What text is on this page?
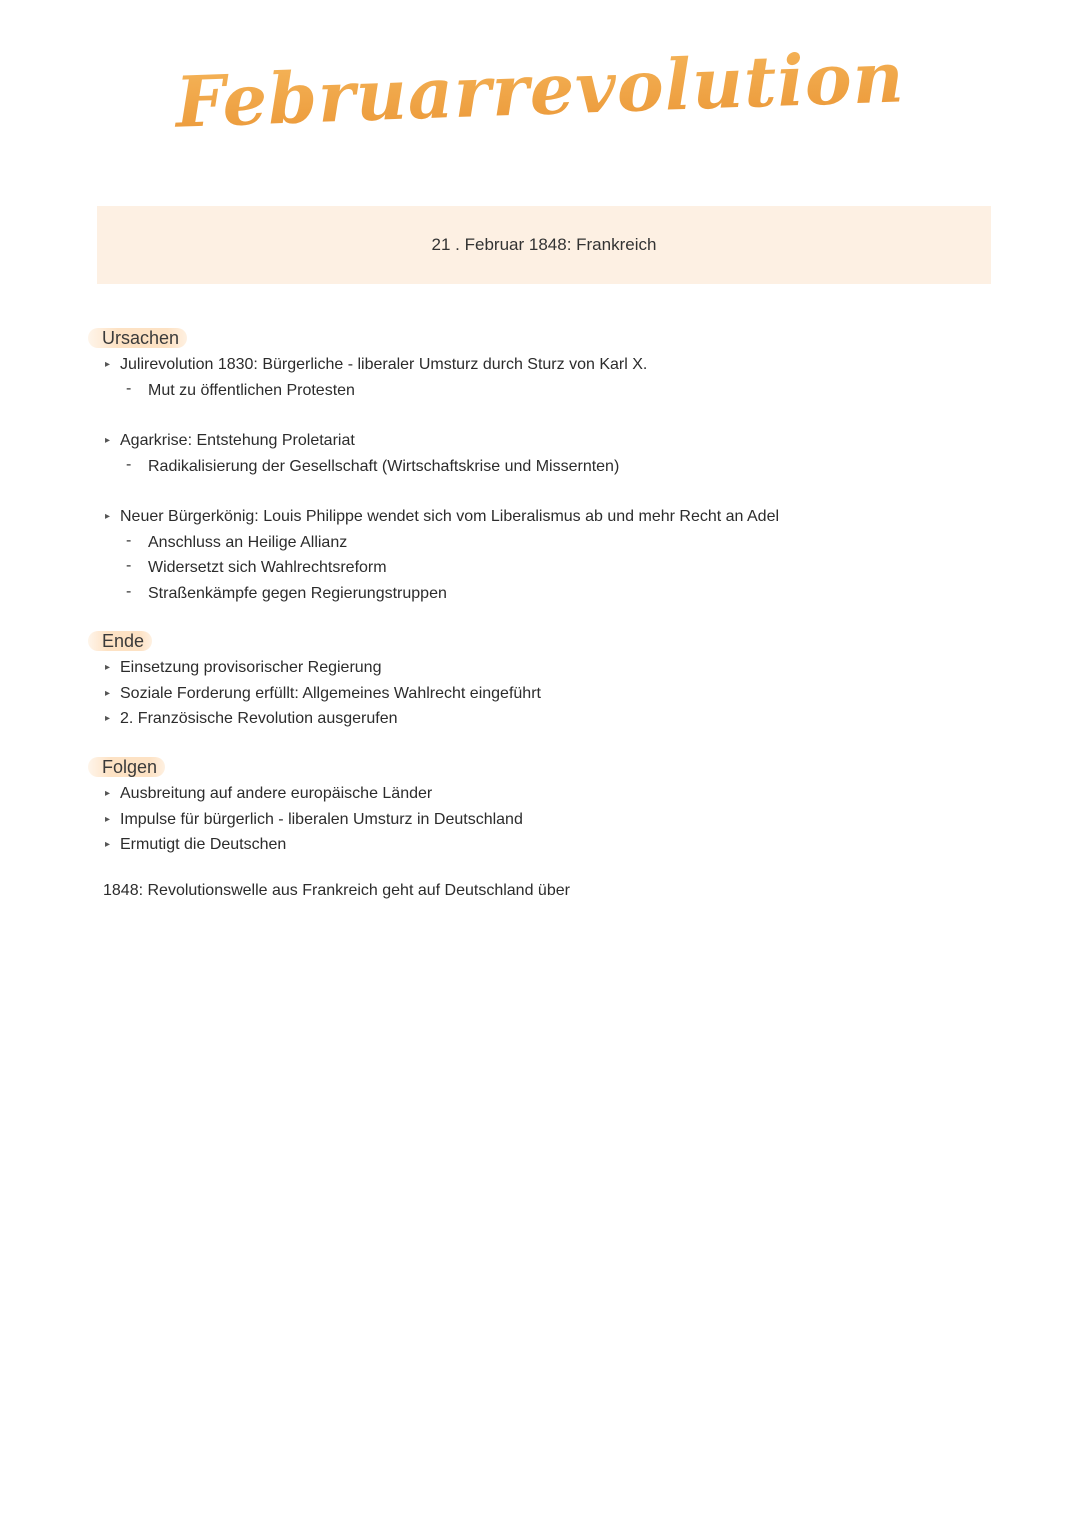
Februarrevolution
21 . Februar 1848: Frankreich
Ursachen
▸ Julirevolution 1830: Bürgerliche - liberaler Umsturz durch Sturz von Karl X.
- Mut zu öffentlichen Protesten
▸ Agarkrise: Entstehung Proletariat
- Radikalisierung der Gesellschaft (Wirtschaftskrise und Missernten)
▸ Neuer Bürgerkönig: Louis Philippe wendet sich vom Liberalismus ab und mehr Recht an Adel
- Anschluss an Heilige Allianz
- Widersetzt sich Wahlrechtsreform
- Straßenkämpfe gegen Regierungstruppen
Ende
▸ Einsetzung provisorischer Regierung
▸ Soziale Forderung erfüllt: Allgemeines Wahlrecht eingeführt
▸ 2. Französische Revolution ausgerufen
Folgen
▸ Ausbreitung auf andere europäische Länder
▸ Impulse für bürgerlich - liberalen Umsturz in Deutschland
▸ Ermutigt die Deutschen
1848: Revolutionswelle aus Frankreich geht auf Deutschland über
